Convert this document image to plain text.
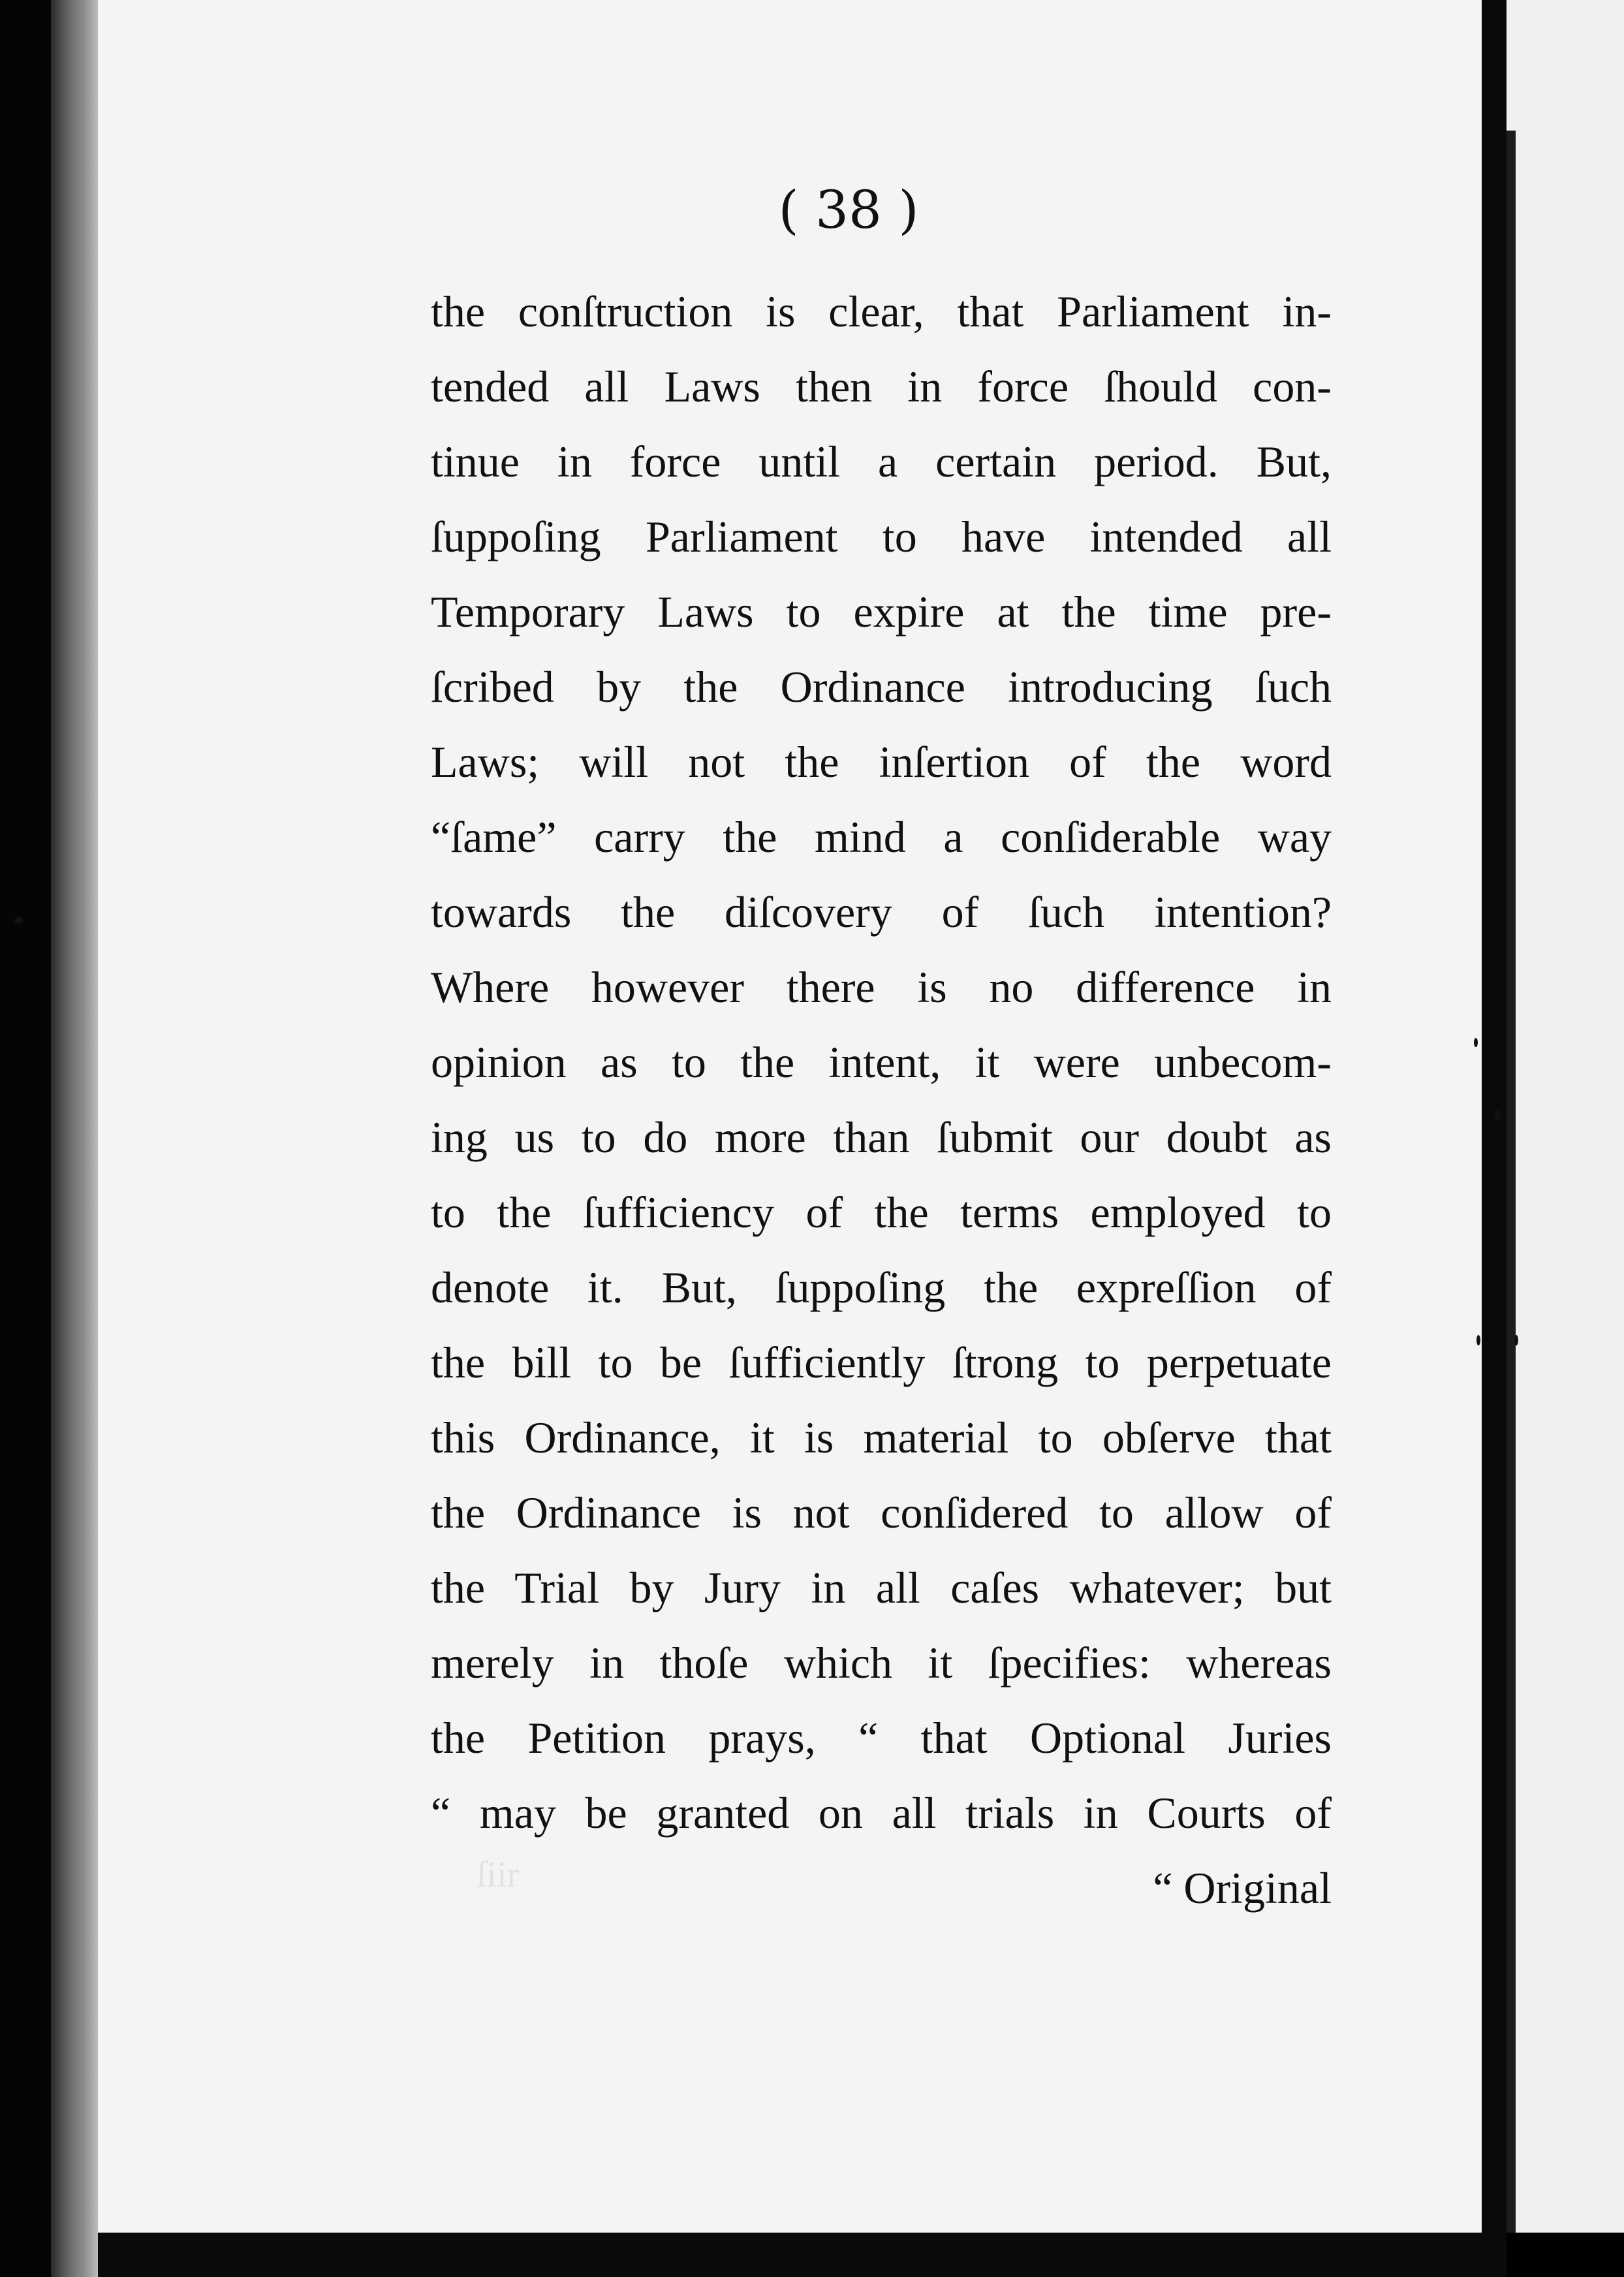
( 38 )

the conſtruction is clear, that Parliament in-
tended all Laws then in force ſhould con-
tinue in force until a certain period. But,
ſuppoſing Parliament to have intended all
Temporary Laws to expire at the time pre-
ſcribed by the Ordinance introducing ſuch
Laws; will not the inſertion of the word
“ſame” carry the mind a conſiderable way
towards the diſcovery of ſuch intention?
Where however there is no difference in
opinion as to the intent, it were unbecom-
ing us to do more than ſubmit our doubt as
to the ſufficiency of the terms employed to
denote it. But, ſuppoſing the expreſſion of
the bill to be ſufficiently ſtrong to perpetuate
this Ordinance, it is material to obſerve that
the Ordinance is not conſidered to allow of
the Trial by Jury in all caſes whatever; but
merely in thoſe which it ſpecifies: whereas
the Petition prays, “ that Optional Juries
“ may be granted on all trials in Courts of
“ Original

ſiir
